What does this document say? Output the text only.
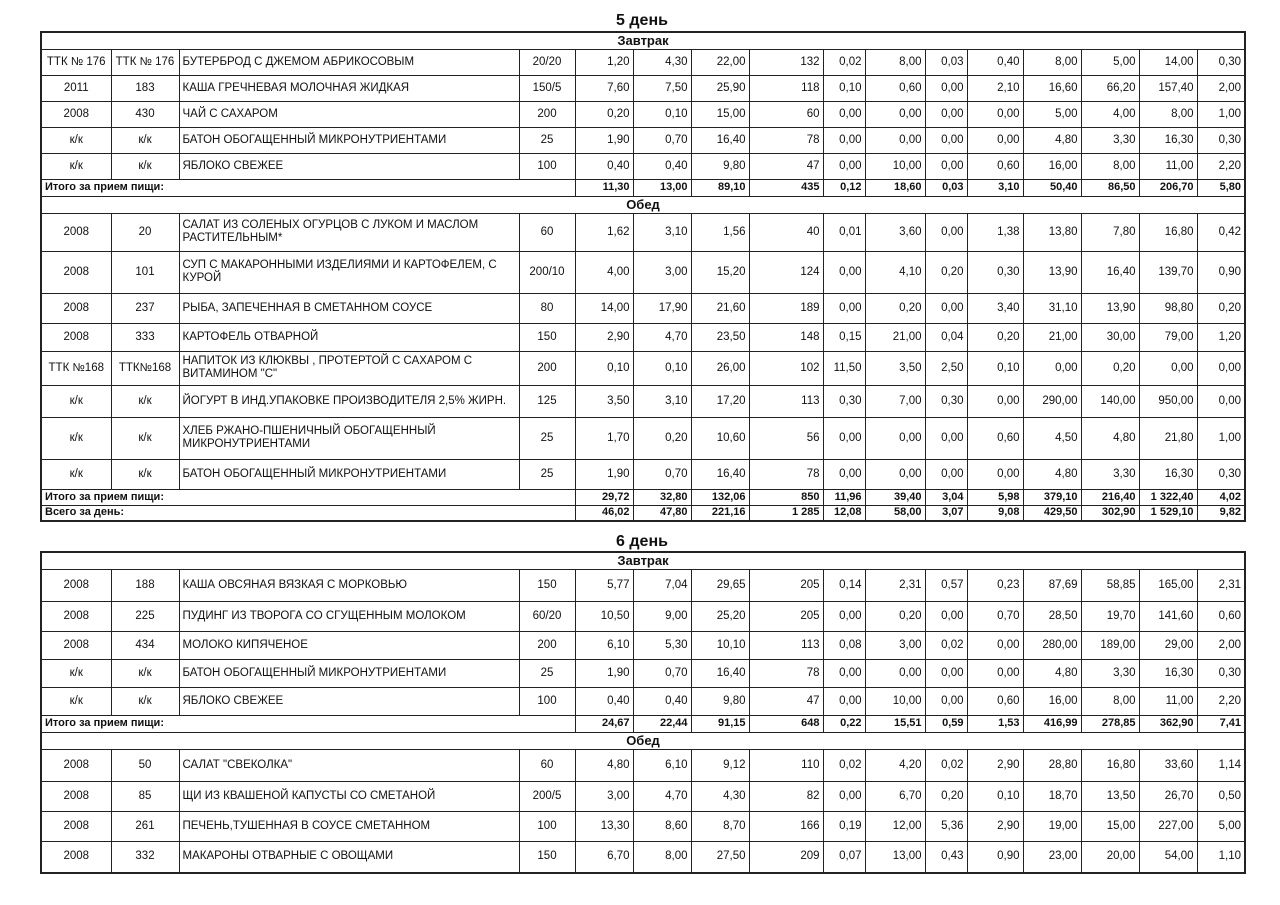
5 день
Завтрак															
ТТК № 176	ТТК № 176	БУТЕРБРОД С ДЖЕМОМ АБРИКОСОВЫМ	20/20	1,20	4,30	22,00	132	0,02	8,00	0,03	0,40	8,00	5,00	14,00	0,30
2011	183	КАША ГРЕЧНЕВАЯ МОЛОЧНАЯ ЖИДКАЯ	150/5	7,60	7,50	25,90	118	0,10	0,60	0,00	2,10	16,60	66,20	157,40	2,00
2008	430	ЧАЙ С САХАРОМ	200	0,20	0,10	15,00	60	0,00	0,00	0,00	0,00	5,00	4,00	8,00	1,00
к/к	к/к	БАТОН ОБОГАЩЕННЫЙ МИКРОНУТРИЕНТАМИ	25	1,90	0,70	16,40	78	0,00	0,00	0,00	0,00	4,80	3,30	16,30	0,30
к/к	к/к	ЯБЛОКО СВЕЖЕЕ	100	0,40	0,40	9,80	47	0,00	10,00	0,00	0,60	16,00	8,00	11,00	2,20
Итого за прием пищи:				11,30	13,00	89,10	435	0,12	18,60	0,03	3,10	50,40	86,50	206,70	5,80
Обед															
2008	20	САЛАТ ИЗ СОЛЕНЫХ ОГУРЦОВ С ЛУКОМ И МАСЛОМ РАСТИТЕЛЬНЫМ*	60	1,62	3,10	1,56	40	0,01	3,60	0,00	1,38	13,80	7,80	16,80	0,42
2008	101	СУП С МАКАРОННЫМИ ИЗДЕЛИЯМИ И КАРТОФЕЛЕМ, С КУРОЙ	200/10	4,00	3,00	15,20	124	0,00	4,10	0,20	0,30	13,90	16,40	139,70	0,90
2008	237	РЫБА, ЗАПЕЧЕННАЯ В СМЕТАННОМ СОУСЕ	80	14,00	17,90	21,60	189	0,00	0,20	0,00	3,40	31,10	13,90	98,80	0,20
2008	333	КАРТОФЕЛЬ ОТВАРНОЙ	150	2,90	4,70	23,50	148	0,15	21,00	0,04	0,20	21,00	30,00	79,00	1,20
ТТК №168	ТТК№168	НАПИТОК ИЗ КЛЮКВЫ , ПРОТЕРТОЙ С САХАРОМ С ВИТАМИНОМ "С"	200	0,10	0,10	26,00	102	11,50	3,50	2,50	0,10	0,00	0,20	0,00	0,00
к/к	к/к	ЙОГУРТ В ИНД.УПАКОВКЕ ПРОИЗВОДИТЕЛЯ 2,5% ЖИРН.	125	3,50	3,10	17,20	113	0,30	7,00	0,30	0,00	290,00	140,00	950,00	0,00
к/к	к/к	ХЛЕБ РЖАНО-ПШЕНИЧНЫЙ ОБОГАЩЕННЫЙ МИКРОНУТРИЕНТАМИ	25	1,70	0,20	10,60	56	0,00	0,00	0,00	0,60	4,50	4,80	21,80	1,00
к/к	к/к	БАТОН ОБОГАЩЕННЫЙ МИКРОНУТРИЕНТАМИ	25	1,90	0,70	16,40	78	0,00	0,00	0,00	0,00	4,80	3,30	16,30	0,30
Итого за прием пищи:				29,72	32,80	132,06	850	11,96	39,40	3,04	5,98	379,10	216,40	1 322,40	4,02
Всего за день:				46,02	47,80	221,16	1 285	12,08	58,00	3,07	9,08	429,50	302,90	1 529,10	9,82
6 день
Завтрак															
2008	188	КАША ОВСЯНАЯ ВЯЗКАЯ С МОРКОВЬЮ	150	5,77	7,04	29,65	205	0,14	2,31	0,57	0,23	87,69	58,85	165,00	2,31
2008	225	ПУДИНГ ИЗ ТВОРОГА СО СГУЩЕННЫМ МОЛОКОМ	60/20	10,50	9,00	25,20	205	0,00	0,20	0,00	0,70	28,50	19,70	141,60	0,60
2008	434	МОЛОКО КИПЯЧЕНОЕ	200	6,10	5,30	10,10	113	0,08	3,00	0,02	0,00	280,00	189,00	29,00	2,00
к/к	к/к	БАТОН ОБОГАЩЕННЫЙ МИКРОНУТРИЕНТАМИ	25	1,90	0,70	16,40	78	0,00	0,00	0,00	0,00	4,80	3,30	16,30	0,30
к/к	к/к	ЯБЛОКО СВЕЖЕЕ	100	0,40	0,40	9,80	47	0,00	10,00	0,00	0,60	16,00	8,00	11,00	2,20
Итого за прием пищи:				24,67	22,44	91,15	648	0,22	15,51	0,59	1,53	416,99	278,85	362,90	7,41
Обед															
2008	50	САЛАТ "СВЕКОЛКА"	60	4,80	6,10	9,12	110	0,02	4,20	0,02	2,90	28,80	16,80	33,60	1,14
2008	85	ЩИ ИЗ КВАШЕНОЙ КАПУСТЫ СО СМЕТАНОЙ	200/5	3,00	4,70	4,30	82	0,00	6,70	0,20	0,10	18,70	13,50	26,70	0,50
2008	261	ПЕЧЕНЬ,ТУШЕННАЯ В СОУСЕ СМЕТАННОМ	100	13,30	8,60	8,70	166	0,19	12,00	5,36	2,90	19,00	15,00	227,00	5,00
2008	332	МАКАРОНЫ ОТВАРНЫЕ С ОВОЩАМИ	150	6,70	8,00	27,50	209	0,07	13,00	0,43	0,90	23,00	20,00	54,00	1,10
